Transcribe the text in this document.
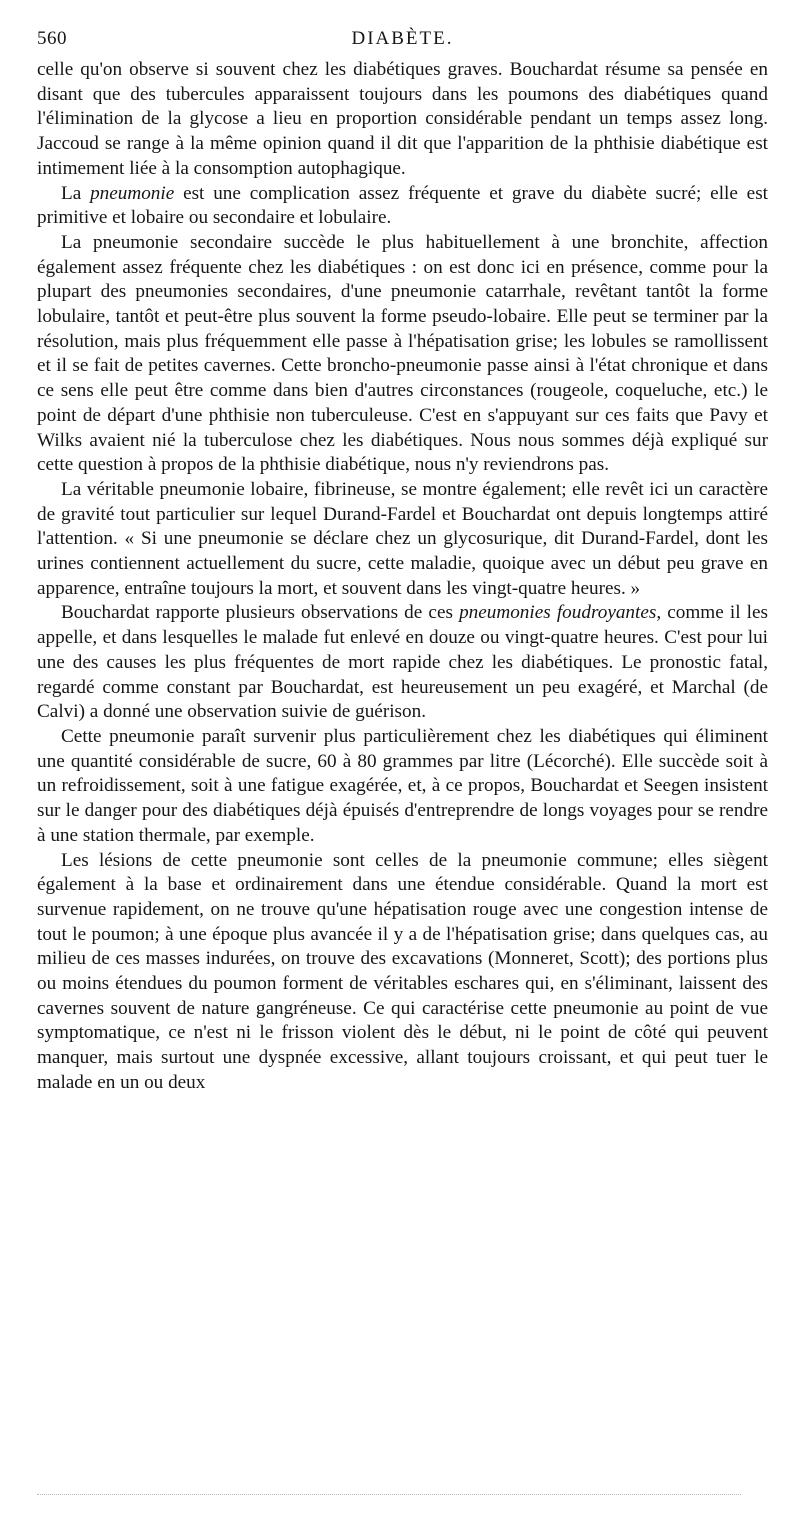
560	DIABÈTE.

celle qu'on observe si souvent chez les diabétiques graves. Bouchardat résume sa pensée en disant que des tubercules apparaissent toujours dans les poumons des diabétiques quand l'élimination de la glycose a lieu en proportion considérable pendant un temps assez long. Jaccoud se range à la même opinion quand il dit que l'apparition de la phthisie diabétique est intimement liée à la consomption autophagique.

La pneumonie est une complication assez fréquente et grave du diabète sucré; elle est primitive et lobaire ou secondaire et lobulaire.

La pneumonie secondaire succède le plus habituellement à une bronchite, affection également assez fréquente chez les diabétiques : on est donc ici en présence, comme pour la plupart des pneumonies secondaires, d'une pneumonie catarrhale, revêtant tantôt la forme lobulaire, tantôt et peut-être plus souvent la forme pseudo-lobaire. Elle peut se terminer par la résolution, mais plus fréquemment elle passe à l'hépatisation grise; les lobules se ramollissent et il se fait de petites cavernes. Cette broncho-pneumonie passe ainsi à l'état chronique et dans ce sens elle peut être comme dans bien d'autres circonstances (rougeole, coqueluche, etc.) le point de départ d'une phthisie non tuberculeuse. C'est en s'appuyant sur ces faits que Pavy et Wilks avaient nié la tuberculose chez les diabétiques. Nous nous sommes déjà expliqué sur cette question à propos de la phthisie diabétique, nous n'y reviendrons pas.

La véritable pneumonie lobaire, fibrineuse, se montre également; elle revêt ici un caractère de gravité tout particulier sur lequel Durand-Fardel et Bouchardat ont depuis longtemps attiré l'attention. « Si une pneumonie se déclare chez un glycosurique, dit Durand-Fardel, dont les urines contiennent actuellement du sucre, cette maladie, quoique avec un début peu grave en apparence, entraîne toujours la mort, et souvent dans les vingt-quatre heures. »

Bouchardat rapporte plusieurs observations de ces pneumonies foudroyantes, comme il les appelle, et dans lesquelles le malade fut enlevé en douze ou vingt-quatre heures. C'est pour lui une des causes les plus fréquentes de mort rapide chez les diabétiques. Le pronostic fatal, regardé comme constant par Bouchardat, est heureusement un peu exagéré, et Marchal (de Calvi) a donné une observation suivie de guérison.

Cette pneumonie paraît survenir plus particulièrement chez les diabétiques qui éliminent une quantité considérable de sucre, 60 à 80 grammes par litre (Lécorché). Elle succède soit à un refroidissement, soit à une fatigue exagérée, et, à ce propos, Bouchardat et Seegen insistent sur le danger pour des diabétiques déjà épuisés d'entreprendre de longs voyages pour se rendre à une station thermale, par exemple.

Les lésions de cette pneumonie sont celles de la pneumonie commune; elles siègent également à la base et ordinairement dans une étendue considérable. Quand la mort est survenue rapidement, on ne trouve qu'une hépatisation rouge avec une congestion intense de tout le poumon; à une époque plus avancée il y a de l'hépatisation grise; dans quelques cas, au milieu de ces masses indurées, on trouve des excavations (Monneret, Scott); des portions plus ou moins étendues du poumon forment de véritables eschares qui, en s'éliminant, laissent des cavernes souvent de nature gangréneuse. Ce qui caractérise cette pneumonie au point de vue symptomatique, ce n'est ni le frisson violent dès le début, ni le point de côté qui peuvent manquer, mais surtout une dyspnée excessive, allant toujours croissant, et qui peut tuer le malade en un ou deux
